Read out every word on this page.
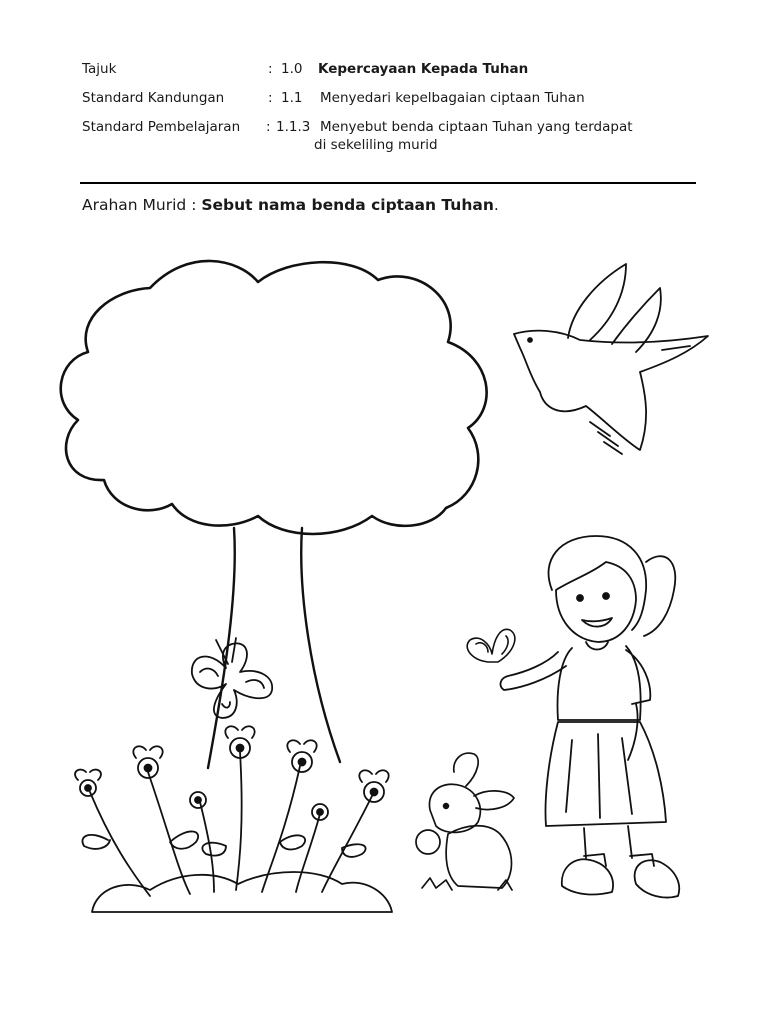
Tajuk	: 1.0 Kepercayaan Kepada Tuhan
Standard Kandungan	: 1.1 Menyedari kepelbagaian ciptaan Tuhan
Standard Pembelajaran : 1.1.3 Menyebut benda ciptaan Tuhan yang terdapat
di sekeliling murid
Arahan Murid : Sebut nama benda ciptaan Tuhan.
